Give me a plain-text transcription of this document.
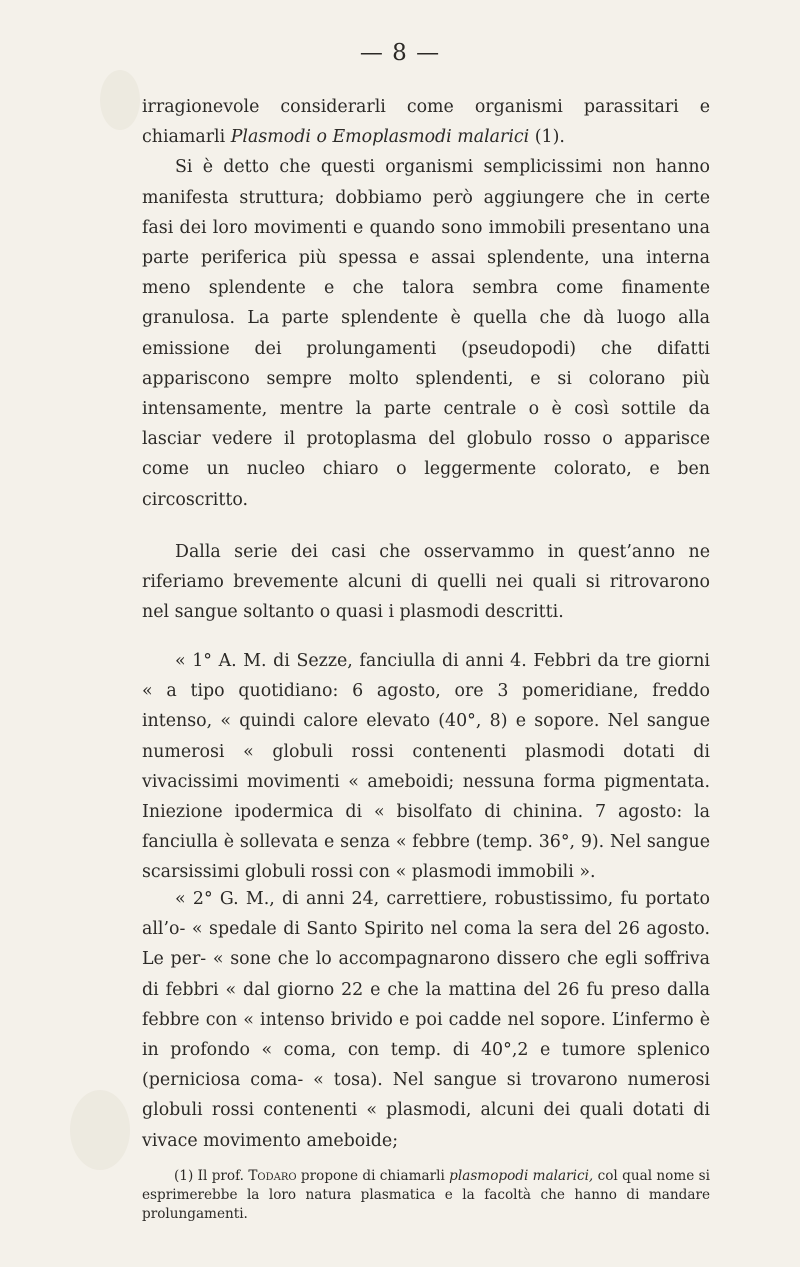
— 8 —

irragionevole considerarli come organismi parassitari e chiamarli Plasmodi o Emoplasmodi malarici (1).

Si è detto che questi organismi semplicissimi non hanno manifesta struttura; dobbiamo però aggiungere che in certe fasi dei loro movimenti e quando sono immobili presentano una parte periferica più spessa e assai splendente, una interna meno splendente e che talora sembra come finamente granulosa. La parte splendente è quella che dà luogo alla emissione dei prolungamenti (pseudopodi) che difatti appariscono sempre molto splendenti, e si colorano più intensamente, mentre la parte centrale o è così sottile da lasciar vedere il protoplasma del globulo rosso o apparisce come un nucleo chiaro o leggermente colorato, e ben circoscritto.

Dalla serie dei casi che osservammo in quest’anno ne riferiamo brevemente alcuni di quelli nei quali si ritrovarono nel sangue soltanto o quasi i plasmodi descritti.

« 1° A. M. di Sezze, fanciulla di anni 4. Febbri da tre giorni « a tipo quotidiano: 6 agosto, ore 3 pomeridiane, freddo intenso, « quindi calore elevato (40°, 8) e sopore. Nel sangue numerosi « globuli rossi contenenti plasmodi dotati di vivacissimi movimenti « ameboidi; nessuna forma pigmentata. Iniezione ipodermica di « bisolfato di chinina. 7 agosto: la fanciulla è sollevata e senza « febbre (temp. 36°, 9). Nel sangue scarsissimi globuli rossi con « plasmodi immobili ».

« 2° G. M., di anni 24, carrettiere, robustissimo, fu portato all’o- « spedale di Santo Spirito nel coma la sera del 26 agosto. Le per- « sone che lo accompagnarono dissero che egli soffriva di febbri « dal giorno 22 e che la mattina del 26 fu preso dalla febbre con « intenso brivido e poi cadde nel sopore. L’infermo è in profondo « coma, con temp. di 40°,2 e tumore splenico (perniciosa coma- « tosa). Nel sangue si trovarono numerosi globuli rossi contenenti « plasmodi, alcuni dei quali dotati di vivace movimento ameboide;

(1) Il prof. Todaro propone di chiamarli plasmopodi malarici, col qual nome si esprimerebbe la loro natura plasmatica e la facoltà che hanno di mandare prolungamenti.
